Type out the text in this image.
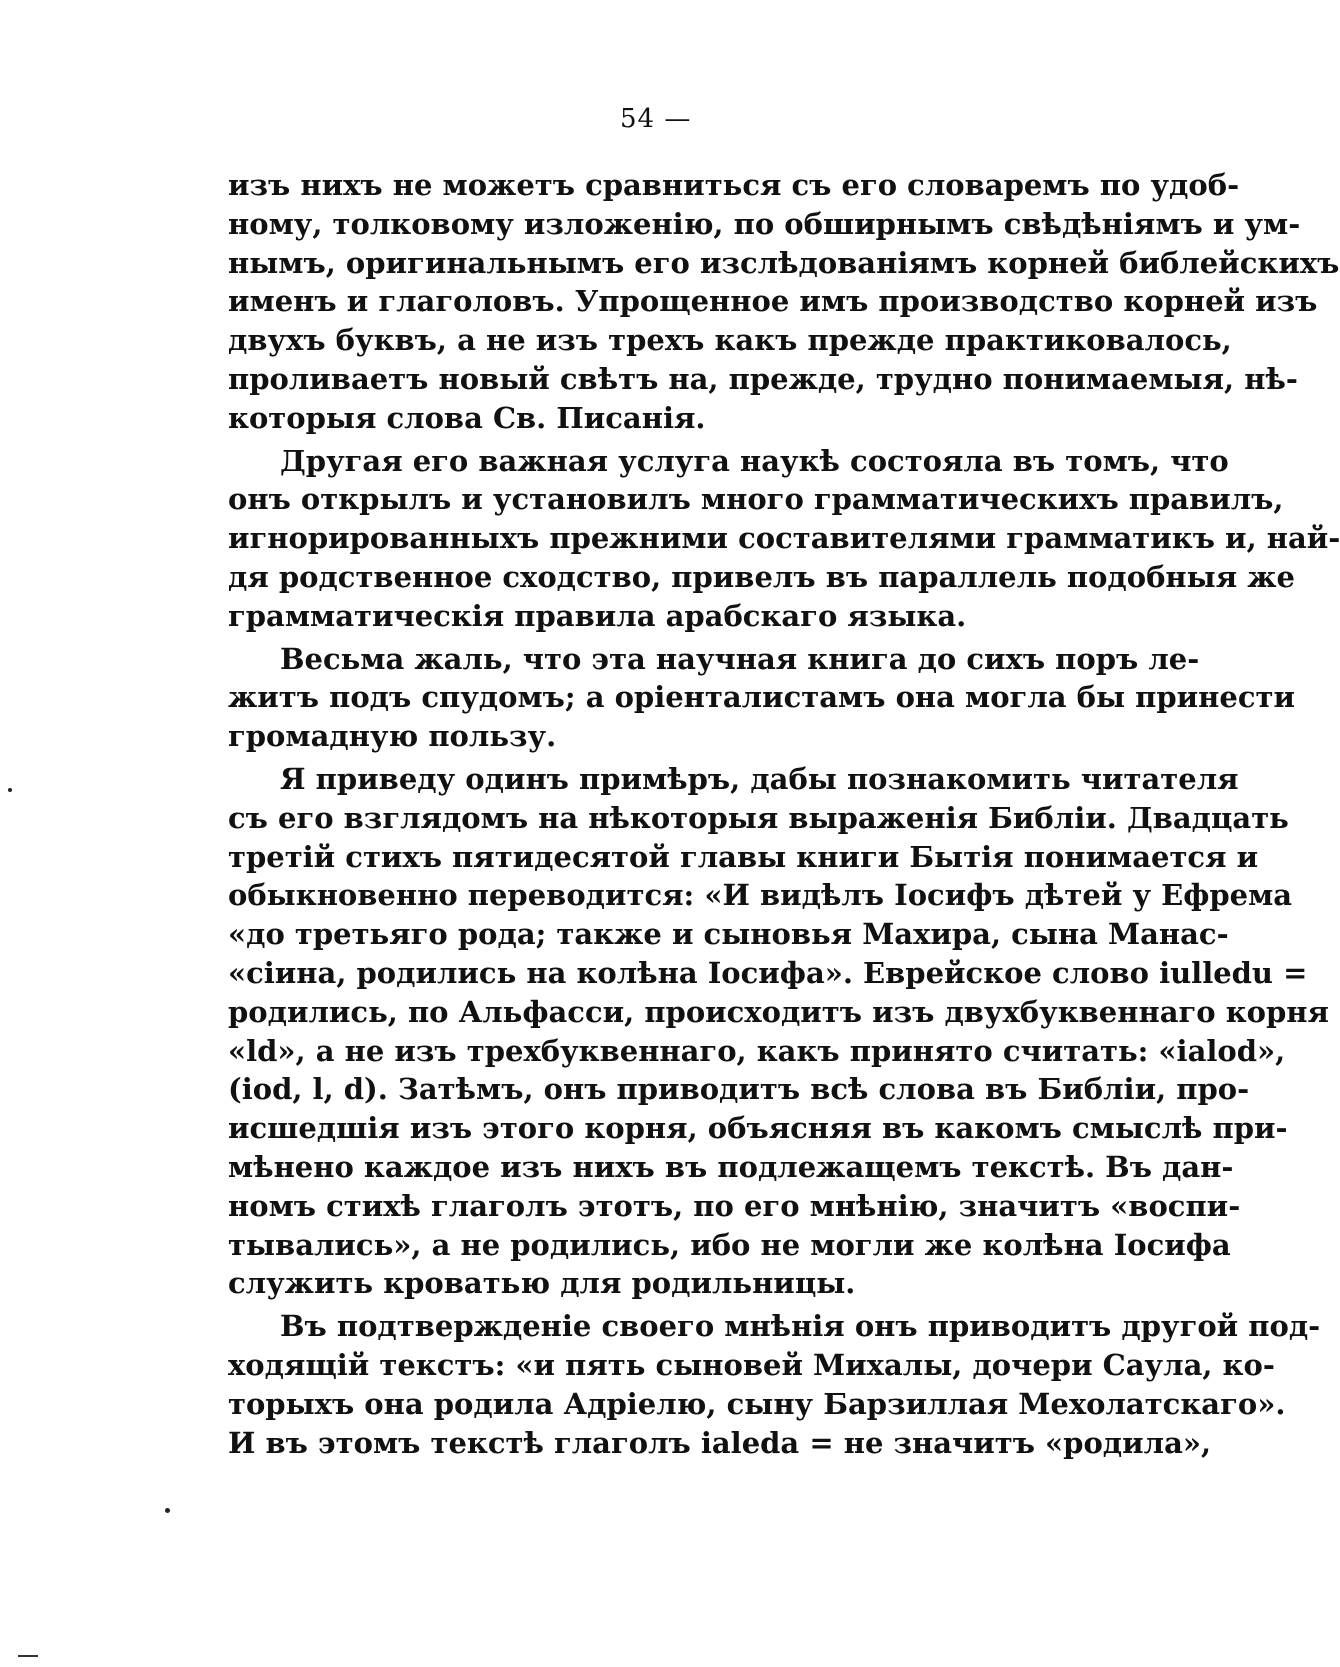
54 —
изъ нихъ не можетъ сравниться съ его словаремъ по удоб-
ному, толковому изложенію, по обширнымъ свѣдѣніямъ и ум-
нымъ, оригинальнымъ его изслѣдованіямъ корней библейскихъ
именъ и глаголовъ. Упрощенное имъ производство корней изъ
двухъ буквъ, а не изъ трехъ какъ прежде практиковалось,
проливаетъ новый свѣтъ на, прежде, трудно понимаемыя, нѣ-
которыя слова Св. Писанія.
Другая его важная услуга наукѣ состояла въ томъ, что
онъ открылъ и установилъ много грамматическихъ правилъ,
игнорированныхъ прежними составителями грамматикъ и, най-
дя родственное сходство, привелъ въ параллель подобныя же
грамматическія правила арабскаго языка.
Весьма жаль, что эта научная книга до сихъ поръ ле-
житъ подъ спудомъ; а оріенталистамъ она могла бы принести
громадную пользу.
Я приведу одинъ примѣръ, дабы познакомить читателя
съ его взглядомъ на нѣкоторыя выраженія Библіи. Двадцать
третій стихъ пятидесятой главы книги Бытія понимается и
обыкновенно переводится: «И видѣлъ Іосифъ дѣтей у Ефрема
«до третьяго рода; также и сыновья Махира, сына Манас-
«сіина, родились на колѣна Іосифа». Еврейское слово iulledu =
родились, по Альфасси, происходитъ изъ двухбуквеннаго корня
«ld», а не изъ трехбуквеннаго, какъ принято считать: «ialod»,
(iod, l, d). Затѣмъ, онъ приводитъ всѣ слова въ Библіи, про-
исшедшія изъ этого корня, объясняя въ какомъ смыслѣ при-
мѣнено каждое изъ нихъ въ подлежащемъ текстѣ. Въ дан-
номъ стихѣ глаголъ этотъ, по его мнѣнію, значитъ «воспи-
тывались», а не родились, ибо не могли же колѣна Іосифа
служить кроватью для родильницы.
Въ подтвержденіе своего мнѣнія онъ приводитъ другой под-
ходящій текстъ: «и пять сыновей Михалы, дочери Саула, ко-
торыхъ она родила Адріелю, сыну Барзиллая Мехолатскаго».
И въ этомъ текстѣ глаголъ ialeda = не значитъ «родила»,
